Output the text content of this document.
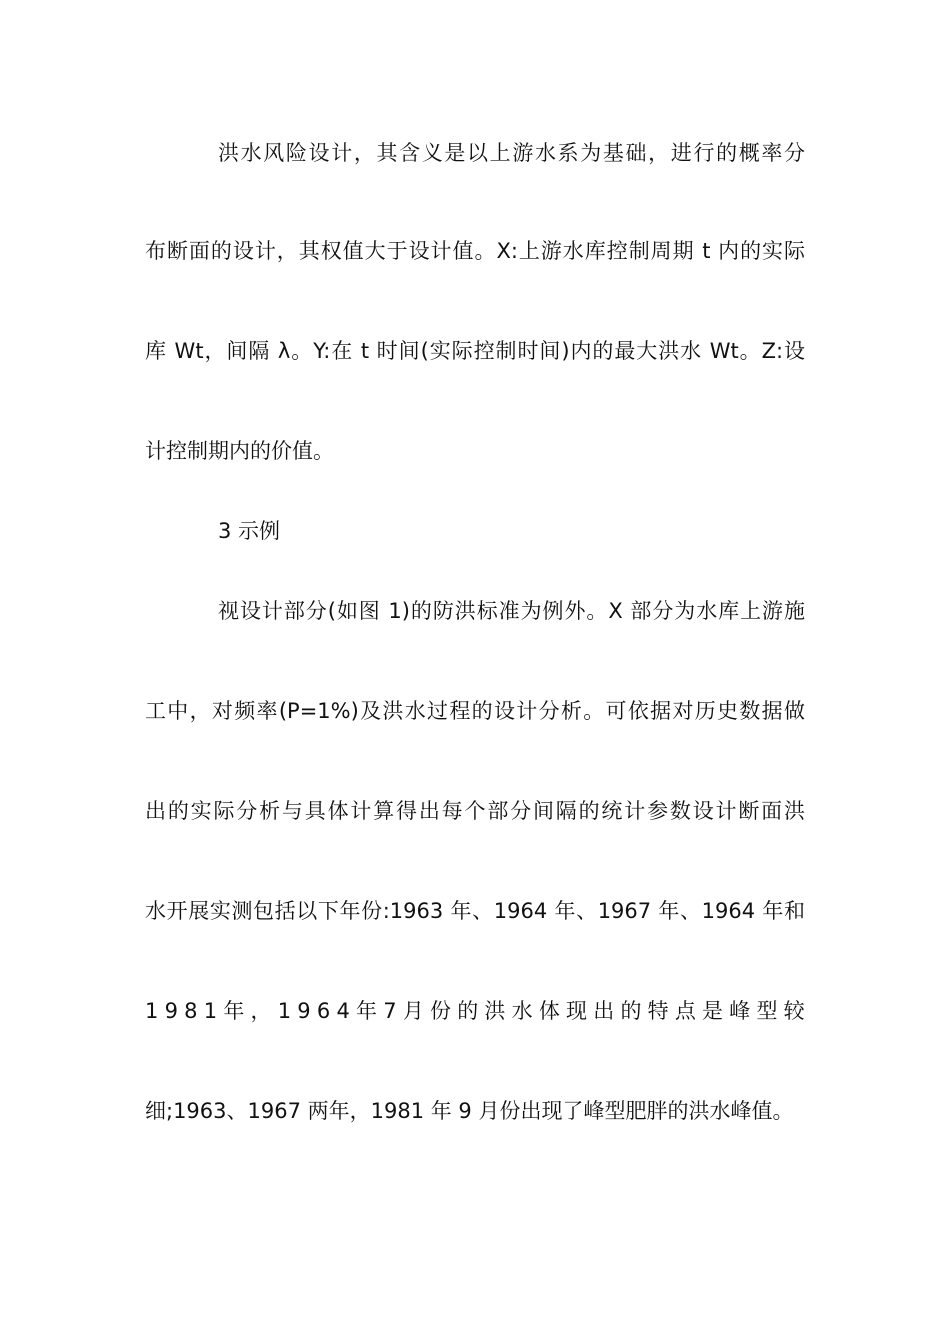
洪水风险设计，其含义是以上游水系为基础，进行的概率分
布断面的设计，其权值大于设计值。X:上游水库控制周期 t 内的实际
库 Wt，间隔 λ。Y:在 t 时间(实际控制时间)内的最大洪水 Wt。Z:设
计控制期内的价值。
3 示例
视设计部分(如图 1)的防洪标准为例外。X 部分为水库上游施
工中，对频率(P=1%)及洪水过程的设计分析。可依据对历史数据做
出的实际分析与具体计算得出每个部分间隔的统计参数设计断面洪
水开展实测包括以下年份:1963 年、1964 年、1967 年、1964 年和
1 9 8 1 年 ， 1 9 6 4 年 7 月 份 的 洪 水 体 现 出 的 特 点 是 峰 型 较
细;1963、1967 两年，1981 年 9 月份出现了峰型肥胖的洪水峰值。
